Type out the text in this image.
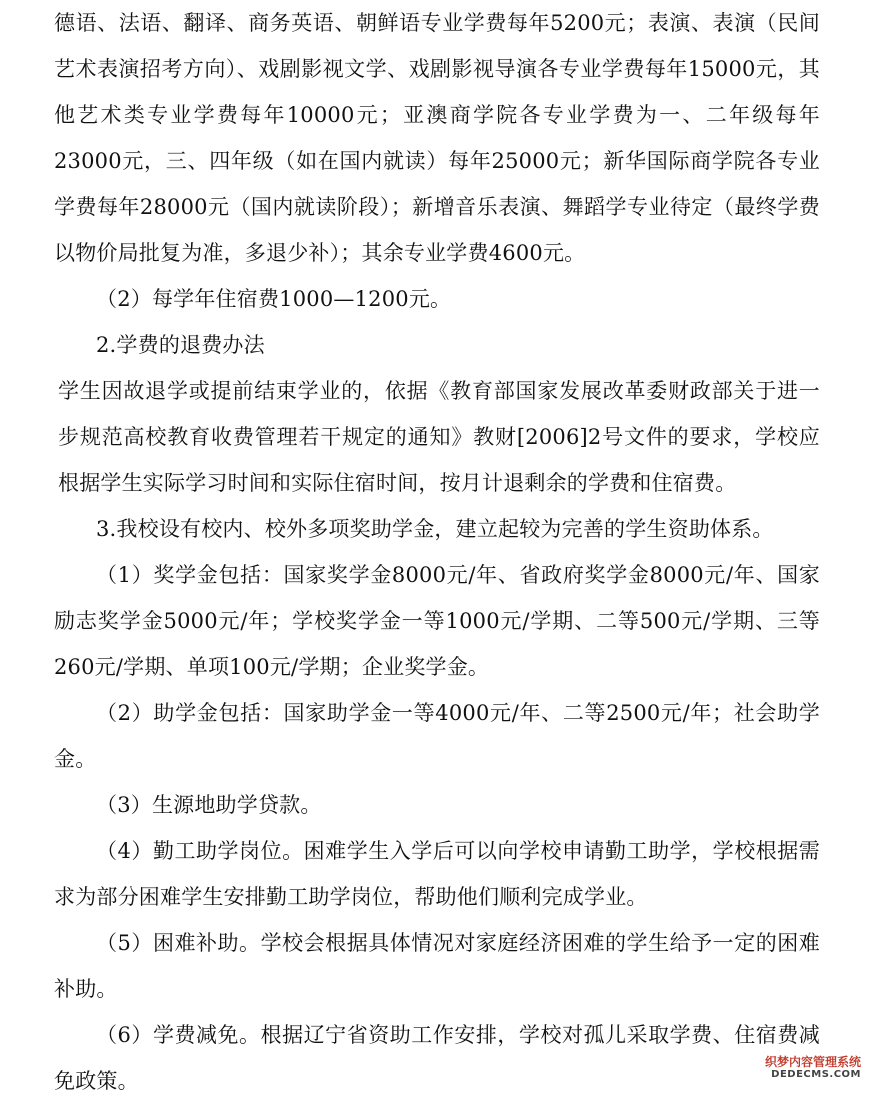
德语、法语、翻译、商务英语、朝鲜语专业学费每年5200元；表演、表演（民间艺术表演招考方向）、戏剧影视文学、戏剧影视导演各专业学费每年15000元，其他艺术类专业学费每年10000元；亚澳商学院各专业学费为一、二年级每年23000元，三、四年级（如在国内就读）每年25000元；新华国际商学院各专业学费每年28000元（国内就读阶段）；新增音乐表演、舞蹈学专业待定（最终学费以物价局批复为准，多退少补）；其余专业学费4600元。
（2）每学年住宿费1000—1200元。
2.学费的退费办法
学生因故退学或提前结束学业的，依据《教育部国家发展改革委财政部关于进一步规范高校教育收费管理若干规定的通知》教财[2006]2号文件的要求，学校应根据学生实际学习时间和实际住宿时间，按月计退剩余的学费和住宿费。
3.我校设有校内、校外多项奖助学金，建立起较为完善的学生资助体系。
（1）奖学金包括：国家奖学金8000元/年、省政府奖学金8000元/年、国家励志奖学金5000元/年；学校奖学金一等1000元/学期、二等500元/学期、三等260元/学期、单项100元/学期；企业奖学金。
（2）助学金包括：国家助学金一等4000元/年、二等2500元/年；社会助学金。
（3）生源地助学贷款。
（4）勤工助学岗位。困难学生入学后可以向学校申请勤工助学，学校根据需求为部分困难学生安排勤工助学岗位，帮助他们顺利完成学业。
（5）困难补助。学校会根据具体情况对家庭经济困难的学生给予一定的困难补助。
（6）学费减免。根据辽宁省资助工作安排，学校对孤儿采取学费、住宿费减免政策。
织梦内容管理系统
DEDECMS.COM
